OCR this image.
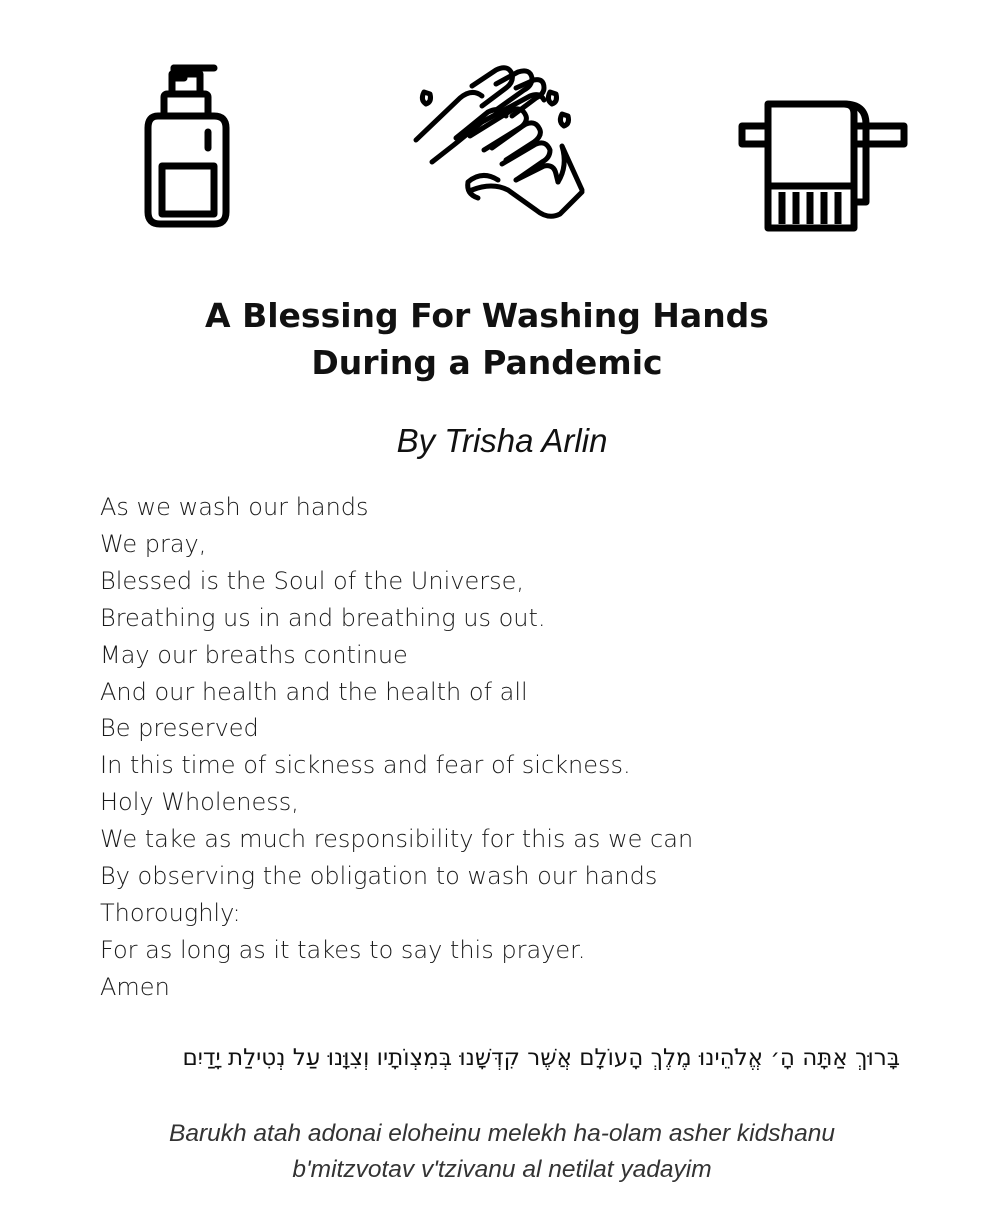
A Blessing For Washing Hands
During a Pandemic

By Trisha Arlin

As we wash our hands
We pray,
Blessed is the Soul of the Universe,
Breathing us in and breathing us out.
May our breaths continue
And our health and the health of all
Be preserved
In this time of sickness and fear of sickness.
Holy Wholeness,
We take as much responsibility for this as we can
By observing the obligation to wash our hands
Thoroughly:
For as long as it takes to say this prayer.
Amen

בָּרוּךְ אַתָּה הָ׳ אֱלֹהֵינוּ מֶלֶךְ הָעוֹלָם אֲשֶׁר קִדְּשָׁנוּ בְּמִצְוֹתָיו וְצִוָּנוּ עַל נְטִילַת יָדַיִם

Barukh atah adonai eloheinu melekh ha-olam asher kidshanu
b'mitzvotav v'tzivanu al netilat yadayim
